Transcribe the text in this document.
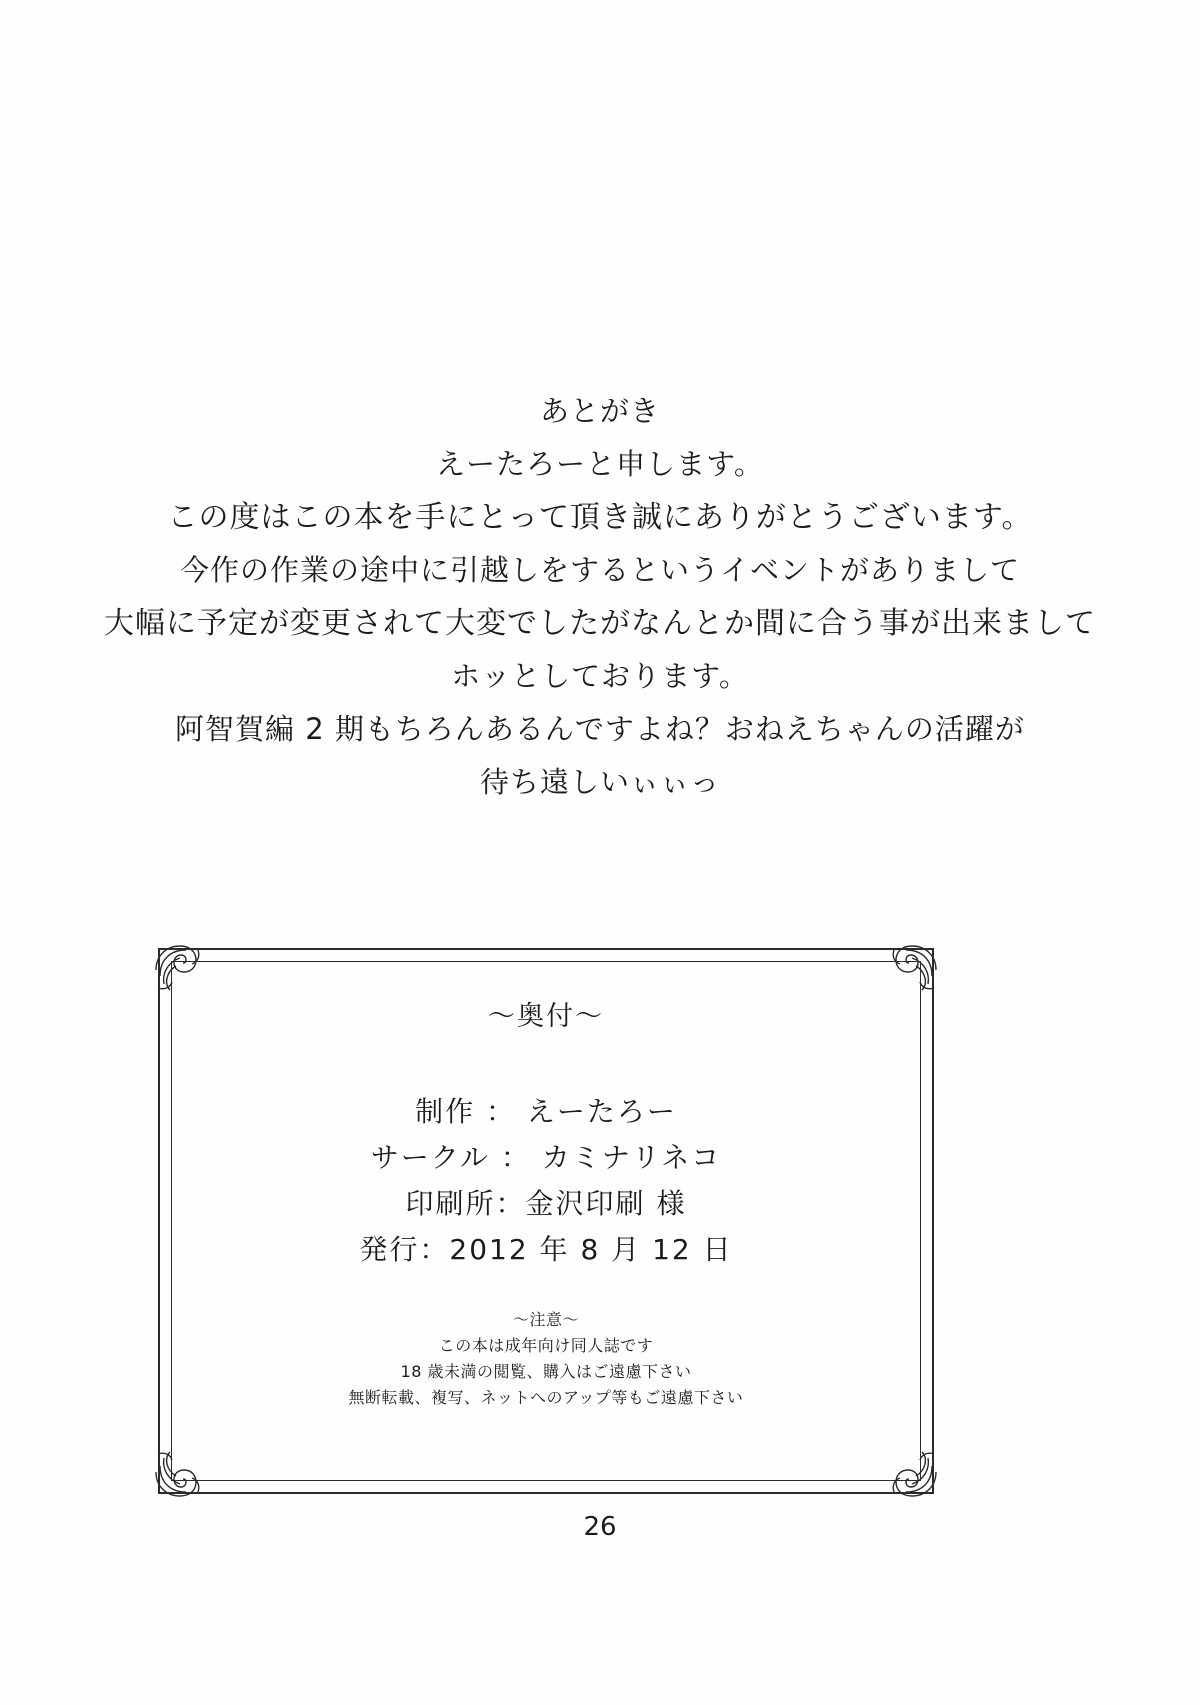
あとがき
えーたろーと申します。
この度はこの本を手にとって頂き誠にありがとうございます。
今作の作業の途中に引越しをするというイベントがありまして
大幅に予定が変更されて大変でしたがなんとか間に合う事が出来まして
ホッとしております。
阿智賀編 2 期もちろんあるんですよね？おねえちゃんの活躍が
待ち遠しいぃぃっ
～奥付～
制作 ： えーたろー
サークル ： カミナリネコ
印刷所：金沢印刷 様
発行：2012 年 8 月 12 日
～注意～
この本は成年向け同人誌です
18 歳未満の閲覧、購入はご遠慮下さい
無断転載、複写、ネットへのアップ等もご遠慮下さい
26
